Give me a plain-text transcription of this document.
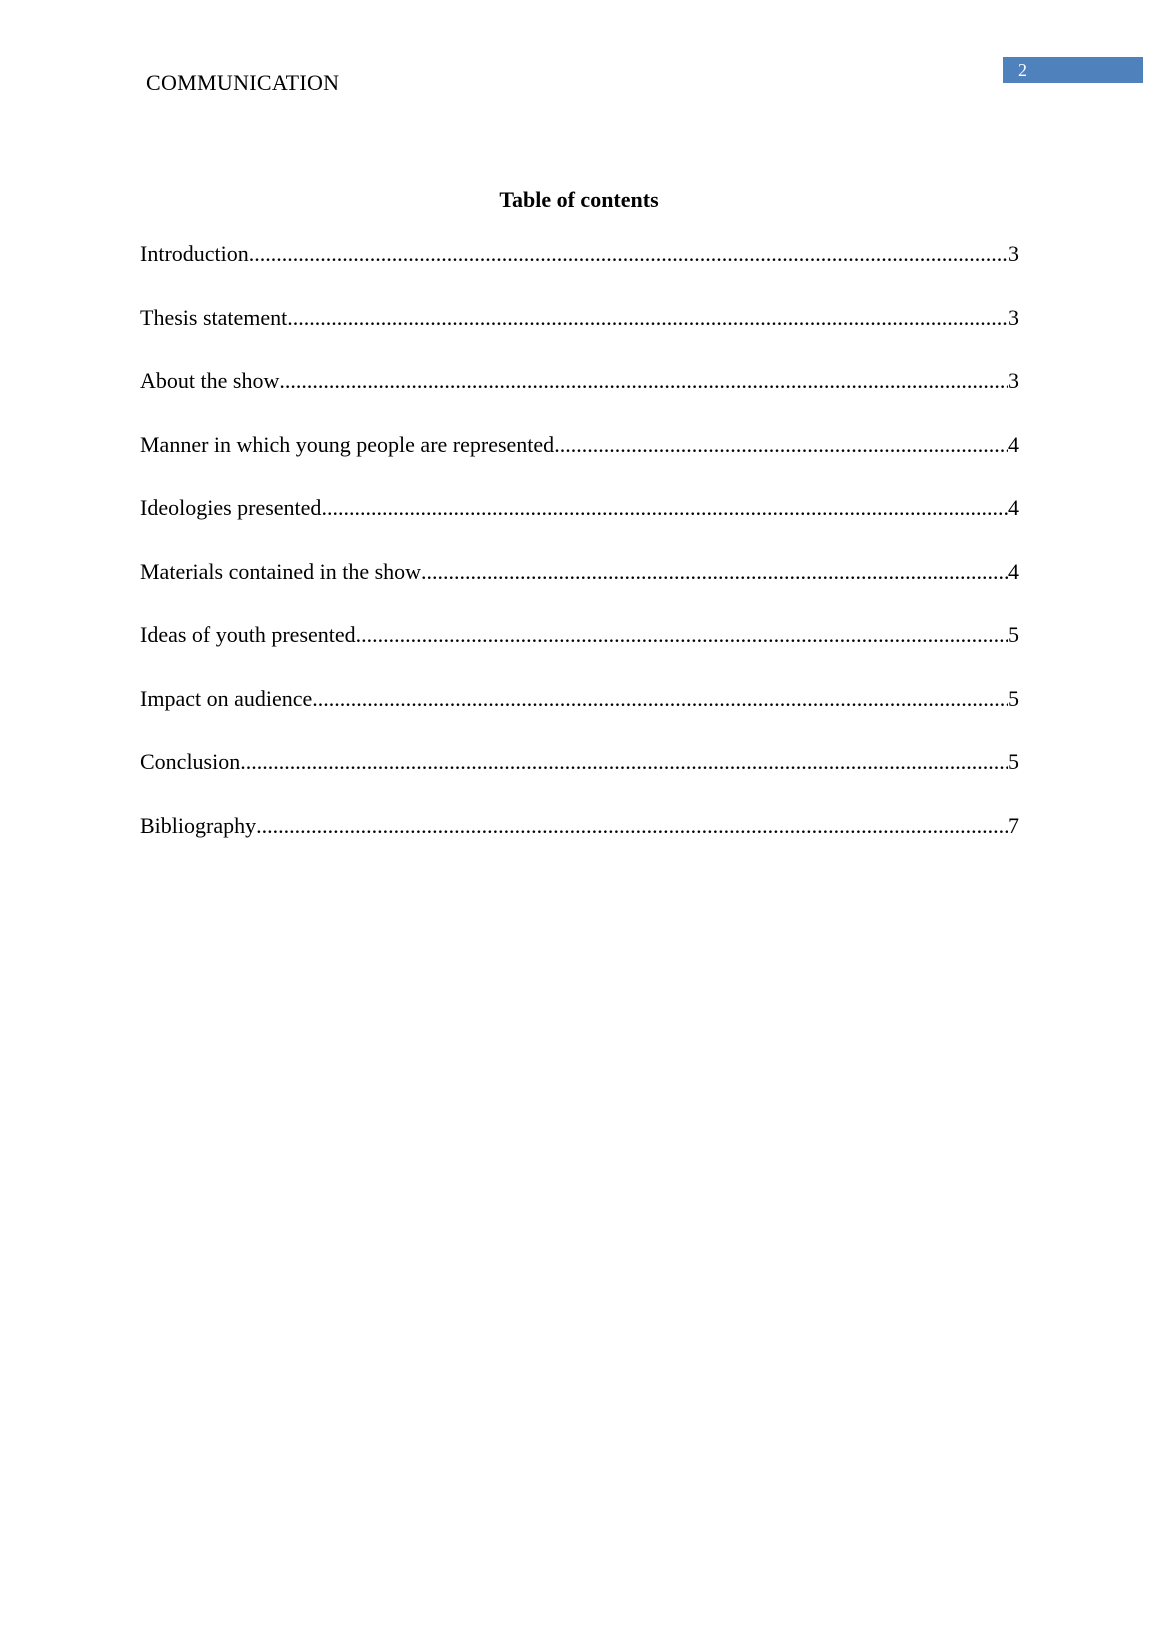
COMMUNICATION	2
Table of contents
Introduction .....	3
Thesis statement .....	3
About the show .....	3
Manner in which young people are represented .....	4
Ideologies presented .....	4
Materials contained in the show .....	4
Ideas of youth presented .....	5
Impact on audience .....	5
Conclusion .....	5
Bibliography .....	7
